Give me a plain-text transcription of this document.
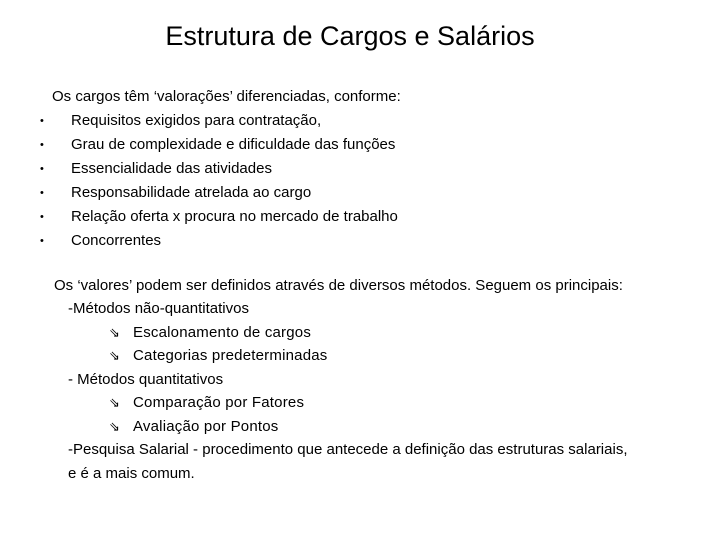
Estrutura de Cargos e Salários
Os cargos têm ‘valorações’ diferenciadas, conforme:
• Requisitos exigidos para contratação,
• Grau de complexidade e dificuldade das funções
• Essencialidade das atividades
• Responsabilidade atrelada ao cargo
• Relação oferta x procura no mercado de trabalho
• Concorrentes
Os ‘valores’ podem ser definidos através de diversos métodos. Seguem os principais:
-Métodos não-quantitativos
⇘ Escalonamento de cargos
⇘ Categorias predeterminadas
- Métodos quantitativos
⇘ Comparação por Fatores
⇘ Avaliação por Pontos
-Pesquisa Salarial - procedimento que antecede a definição das estruturas salariais, e é a mais comum.
